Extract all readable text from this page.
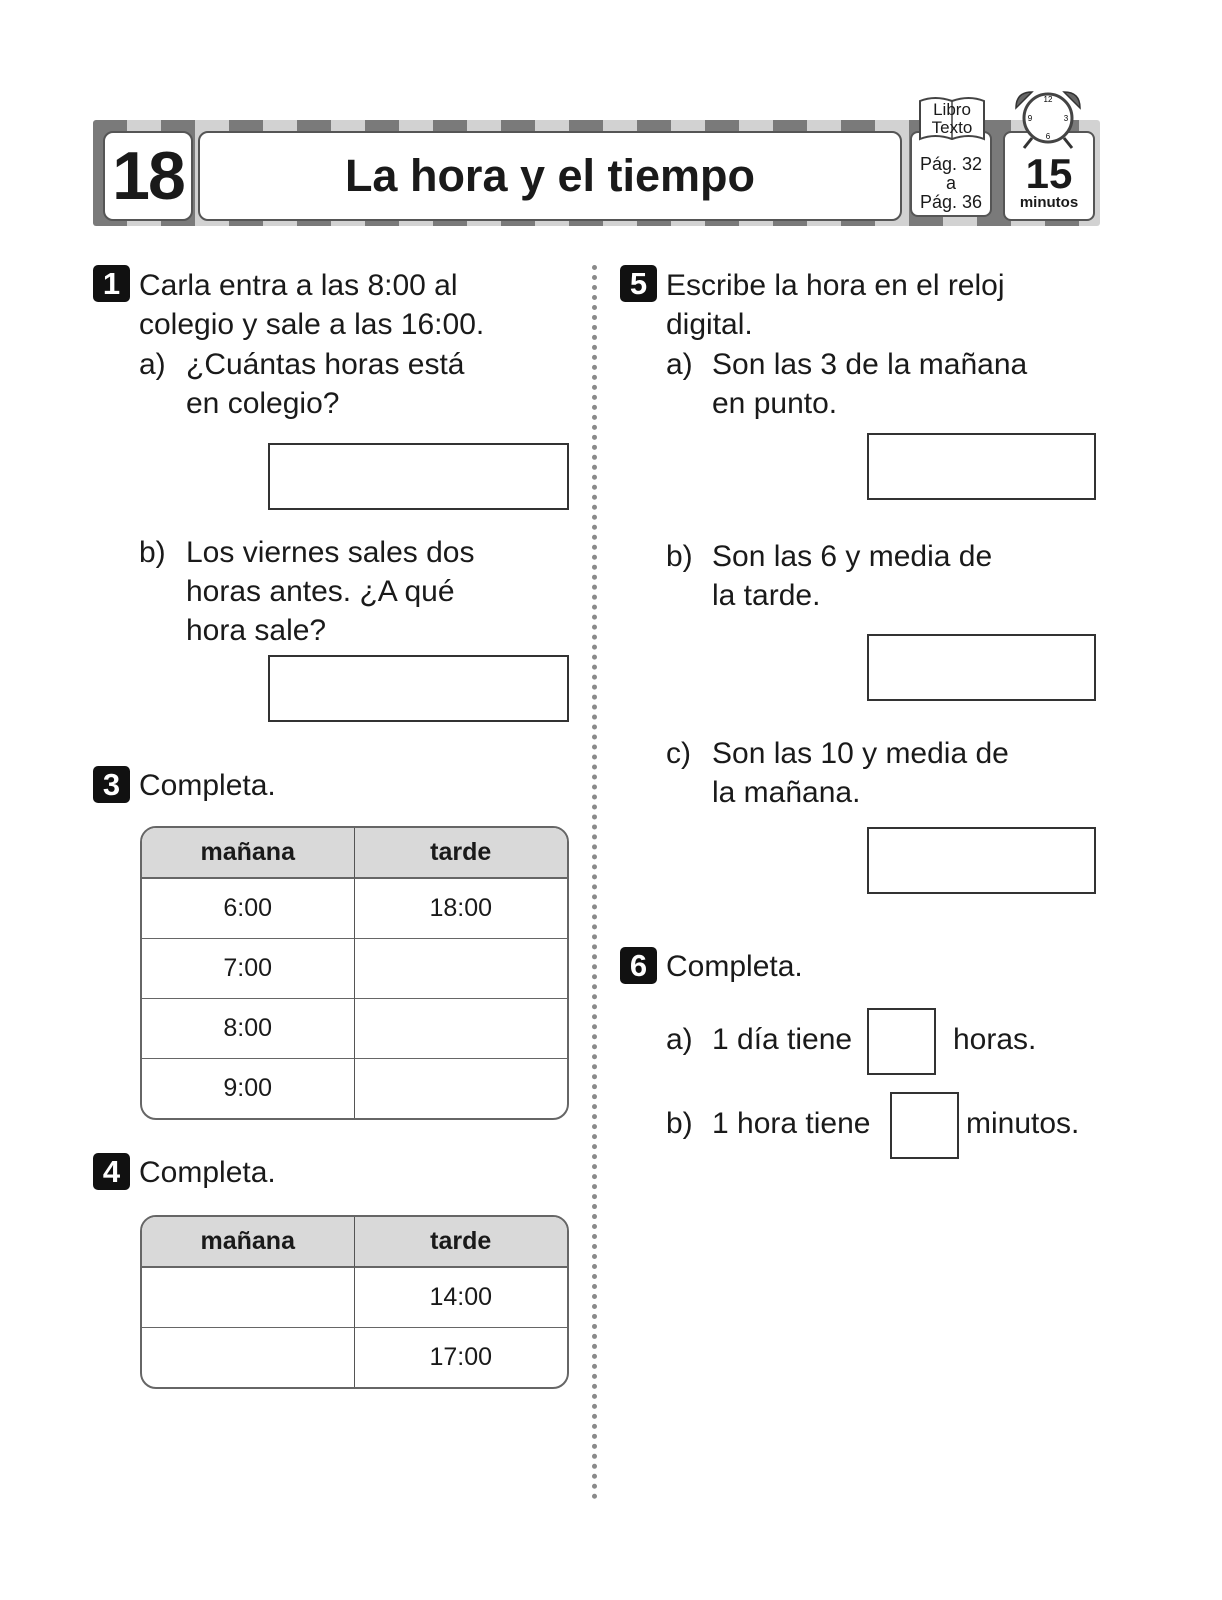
18	La hora y el tiempo	Pág. 32
a
Pág. 36
Libro
Texto
15
minutos
12
3
6
9
1 Carla entra a las 8:00 al
colegio y sale a las 16:00.
a) ¿Cuántas horas está
en colegio?
b) Los viernes sales dos
horas antes. ¿A qué
hora sale?
3 Completa.
mañana	tarde
6:00	18:00
7:00	
8:00	
9:00	
4 Completa.
mañana	tarde
	14:00
	17:00
5 Escribe la hora en el reloj
digital.
a) Son las 3 de la mañana
en punto.
b) Son las 6 y media de
la tarde.
c) Son las 10 y media de
la mañana.
6 Completa.
a) 1 día tiene	horas.
b) 1 hora tiene	minutos.
